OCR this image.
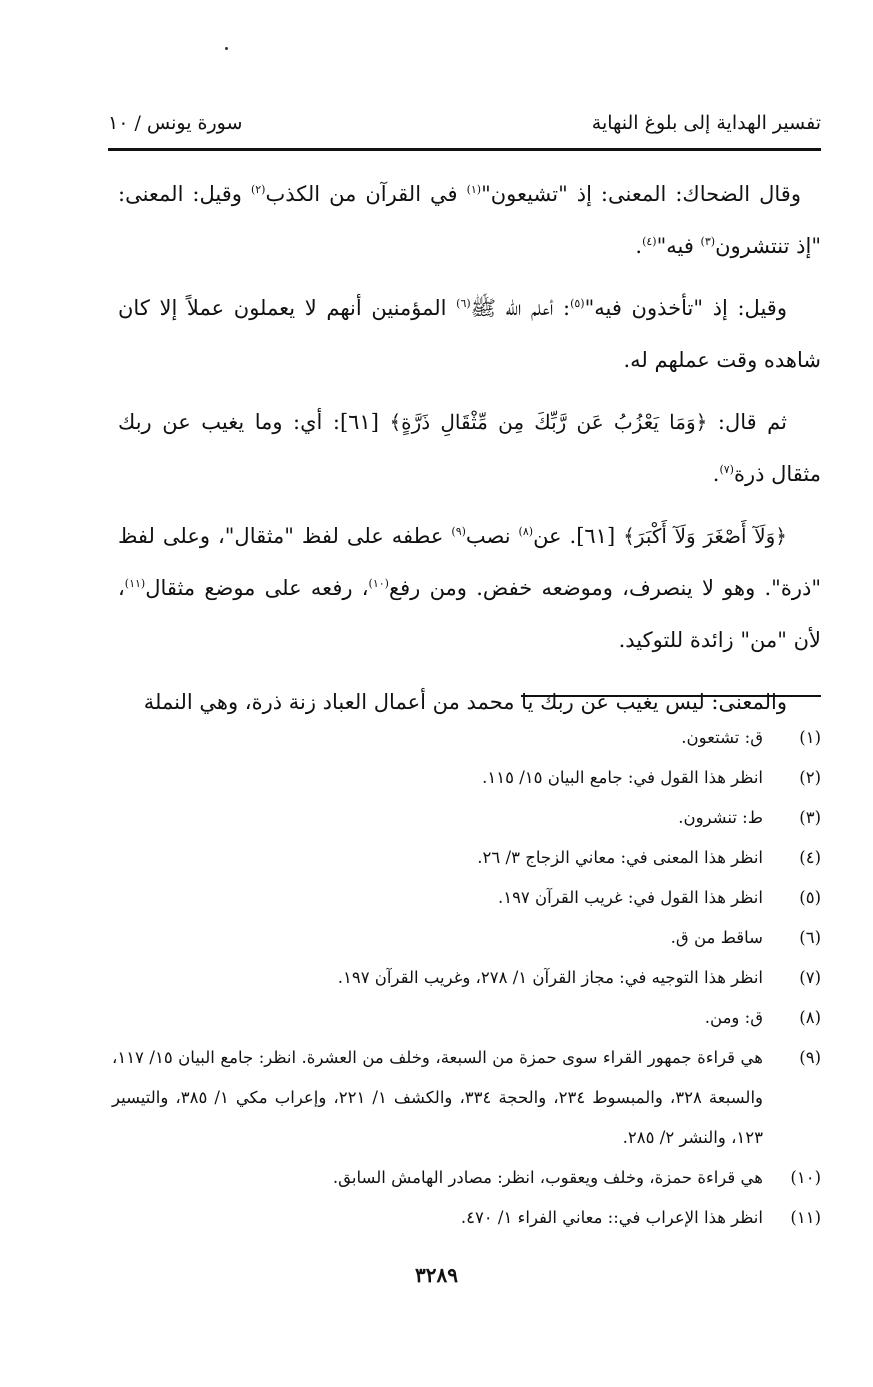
تفسير الهداية إلى بلوغ النهاية
سورة يونس / ١٠

وقال الضحاك: المعنى: إذ "تشيعون"$^{(١)}$ في القرآن من الكذب$^{(٢)}$ وقيل: المعنى: "إذ تنتشرون$^{(٣)}$ فيه"$^{(٤)}$.

وقيل: إذ "تأخذون فيه"$^{(٥)}$: أعلم الله ﷺ$^{(٦)}$ المؤمنين أنهم لا يعملون عملاً إلا كان شاهده وقت عملهم له.

ثم قال: ﴿وَمَا يَعْزُبُ عَن رَّبِّكَ مِن مِّثْقَالِ ذَرَّةٍ﴾ [٦١]: أي: وما يغيب عن ربك مثقال ذرة$^{(٧)}$.

﴿وَلَآ أَصْغَرَ وَلَآ أَكْبَرَ﴾ [٦١]. عن$^{(٨)}$ نصب$^{(٩)}$ عطفه على لفظ "مثقال"، وعلى لفظ "ذرة". وهو لا ينصرف، وموضعه خفض. ومن رفع$^{(١٠)}$، رفعه على موضع مثقال$^{(١١)}$، لأن "من" زائدة للتوكيد.

والمعنى: ليس يغيب عن ربك يا محمد من أعمال العباد زنة ذرة، وهي النملة

(١)
ق: تشتعون.
(٢)
انظر هذا القول في: جامع البيان ١٥/ ١١٥.
(٣)
ط: تنشرون.
(٤)
انظر هذا المعنى في: معاني الزجاج ٣/ ٢٦.
(٥)
انظر هذا القول في: غريب القرآن ١٩٧.
(٦)
ساقط من ق.
(٧)
انظر هذا التوجيه في: مجاز القرآن ١/ ٢٧٨، وغريب القرآن ١٩٧.
(٨)
ق: ومن.
(٩)
هي قراءة جمهور القراء سوى حمزة من السبعة، وخلف من العشرة. انظر: جامع البيان ١٥/ ١١٧، والسبعة ٣٢٨، والمبسوط ٢٣٤، والحجة ٣٣٤، والكشف ١/ ٢٢١، وإعراب مكي ١/ ٣٨٥، والتيسير ١٢٣، والنشر ٢/ ٢٨٥.
(١٠)
هي قراءة حمزة، وخلف ويعقوب، انظر: مصادر الهامش السابق.
(١١)
انظر هذا الإعراب في:: معاني الفراء ١/ ٤٧٠.
٣٢٨٩
